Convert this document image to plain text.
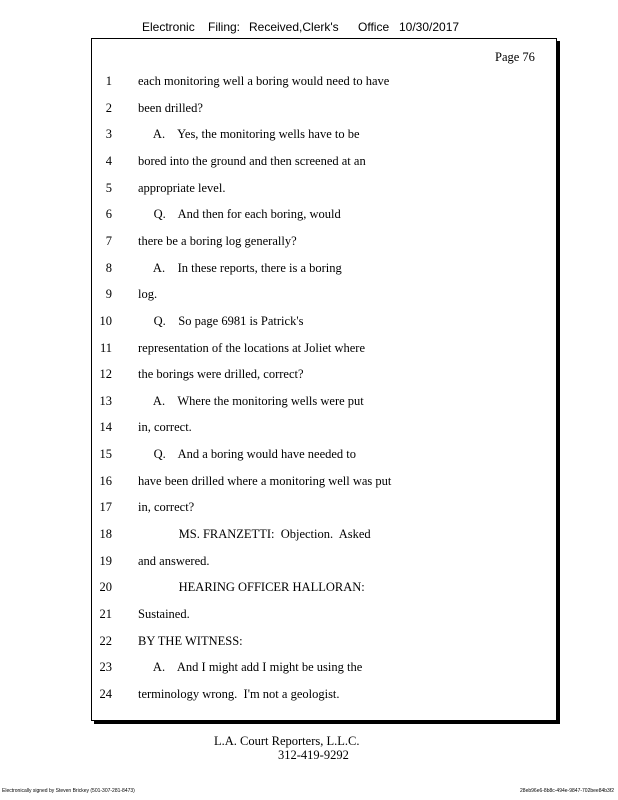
Electronic Filing: Received,Clerk's Office 10/30/2017
Page 76
1 each monitoring well a boring would need to have
2 been drilled?
3 A.    Yes, the monitoring wells have to be
4 bored into the ground and then screened at an
5 appropriate level.
6 Q.    And then for each boring, would
7 there be a boring log generally?
8 A.    In these reports, there is a boring
9 log.
10 Q.    So page 6981 is Patrick's
11 representation of the locations at Joliet where
12 the borings were drilled, correct?
13 A.    Where the monitoring wells were put
14 in, correct.
15 Q.    And a boring would have needed to
16 have been drilled where a monitoring well was put
17 in, correct?
18 MS. FRANZETTI:  Objection.  Asked
19 and answered.
20 HEARING OFFICER HALLORAN:
21 Sustained.
22 BY THE WITNESS:
23 A.    And I might add I might be using the
24 terminology wrong.  I'm not a geologist.
L.A. Court Reporters, L.L.C.
312-419-9292
Electronically signed by Steven Brickey (501-307-281-8473)	28eb96e6-8b8c-494e-9847-702bee84b3f2
